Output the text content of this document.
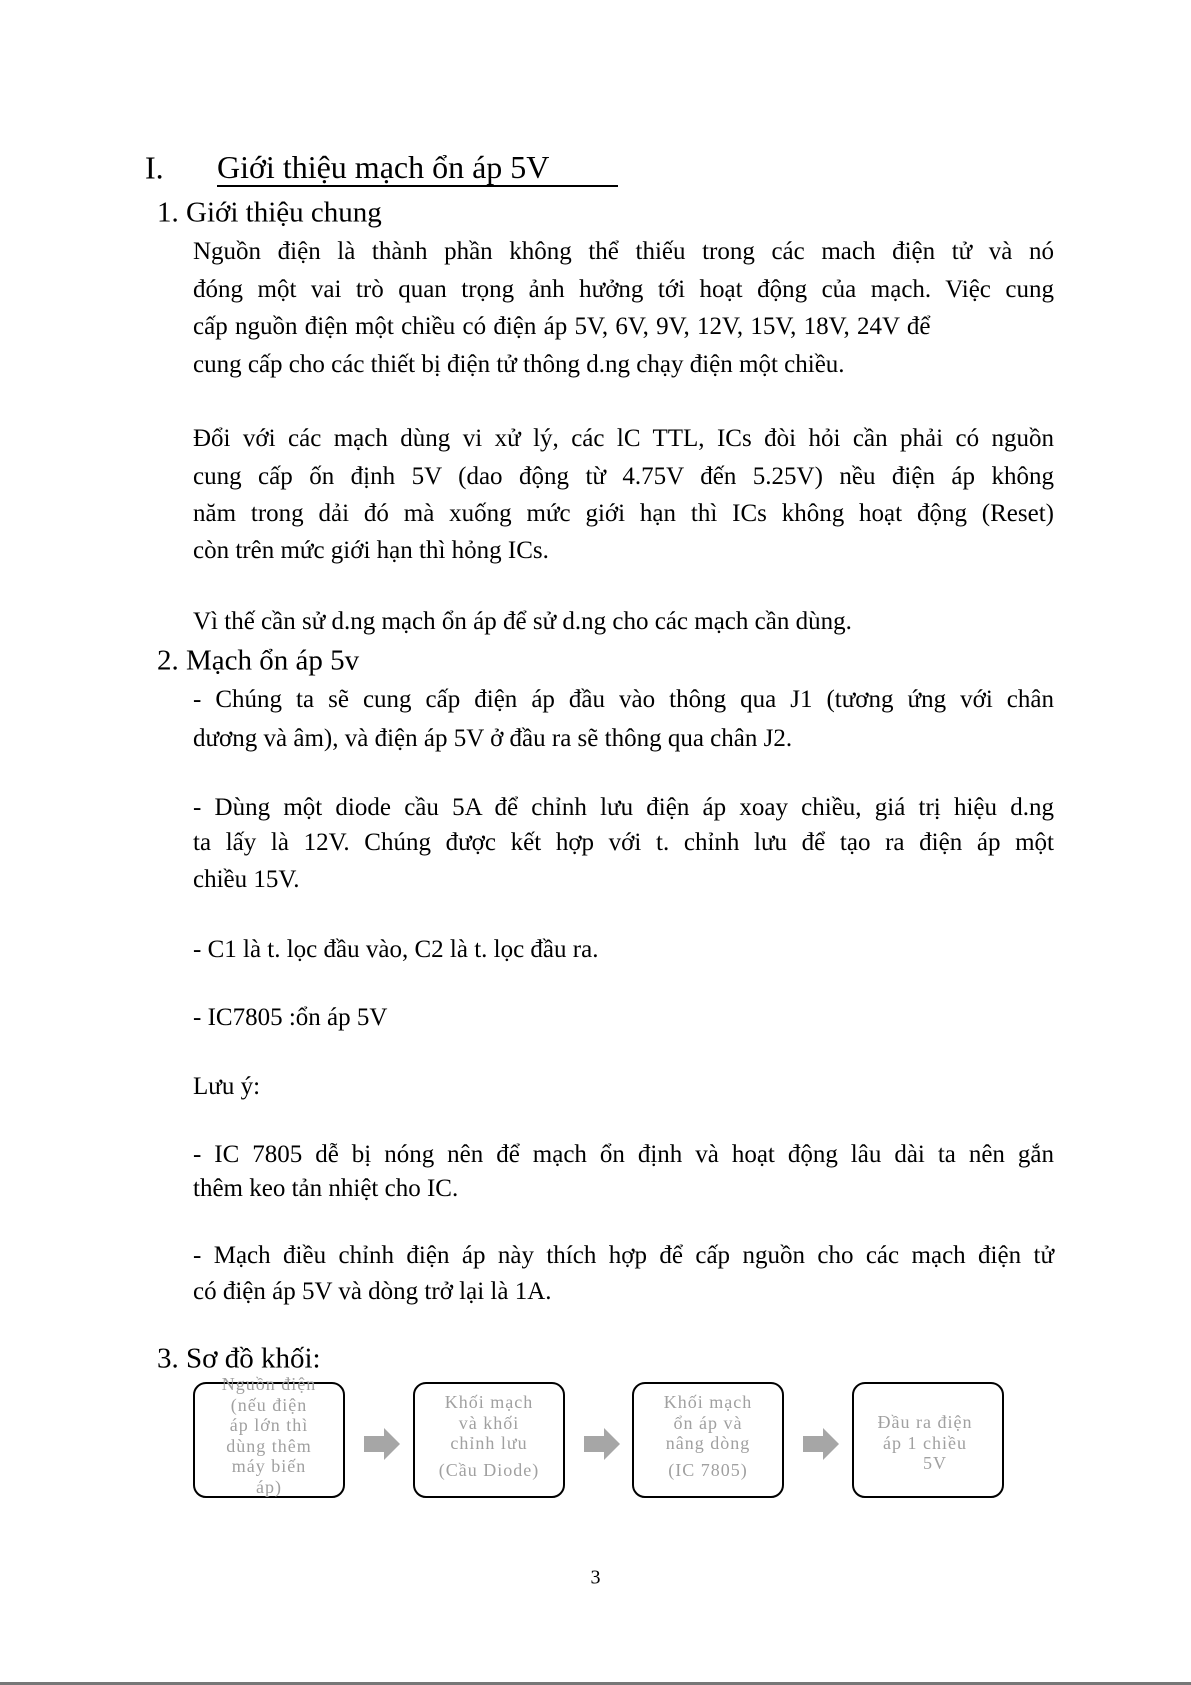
I. Giới thiệu mạch ổn áp 5V
1. Giới thiệu chung
Nguồn điện là thành phần không thể thiếu trong các mach điện tử và nó
đóng một vai trò quan trọng ảnh hưởng tới hoạt động của mạch. Việc cung
cấp nguồn điện một chiều có điện áp 5V, 6V, 9V, 12V, 15V, 18V, 24V để
cung cấp cho các thiết bị điện tử thông d.ng chạy điện một chiều.
Đổi với các mạch dùng vi xử lý, các lC TTL, ICs đòi hỏi cần phải có nguồn
cung cấp ốn định 5V (dao động từ 4.75V đến 5.25V) nều điện áp không
năm trong dải đó mà xuống mức giới hạn thì ICs không hoạt động (Reset)
còn trên mức giới hạn thì hỏng ICs.
Vì thế cần sử d.ng mạch ổn áp để sử d.ng cho các mạch cần dùng.
2. Mạch ổn áp 5v
- Chúng ta sẽ cung cấp điện áp đầu vào thông qua J1 (tương ứng với chân
dương và âm), và điện áp 5V ở đầu ra sẽ thông qua chân J2.
- Dùng một diode cầu 5A để chỉnh lưu điện áp xoay chiều, giá trị hiệu d.ng
ta lấy là 12V. Chúng được kết hợp với t. chỉnh lưu để tạo ra điện áp một
chiều 15V.
- C1 là t. lọc đầu vào, C2 là t. lọc đầu ra.
- IC7805 :ổn áp 5V
Lưu ý:
- IC 7805 dễ bị nóng nên để mạch ổn định và hoạt động lâu dài ta nên gắn
thêm keo tản nhiệt cho IC.
- Mạch điều chỉnh điện áp này thích hợp để cấp nguồn cho các mạch điện tử
có điện áp 5V và dòng trở lại là 1A.
3. Sơ đồ khối:
Nguồn điện
(nếu điện
áp lớn thì
dùng thêm
máy biến
áp)
Khối mạch
và khối
chỉnh lưu
(Cầu Diode)
Khối mạch
ổn áp và
nâng dòng
(IC 7805)
Đầu ra điện
áp 1 chiều
5V
3
